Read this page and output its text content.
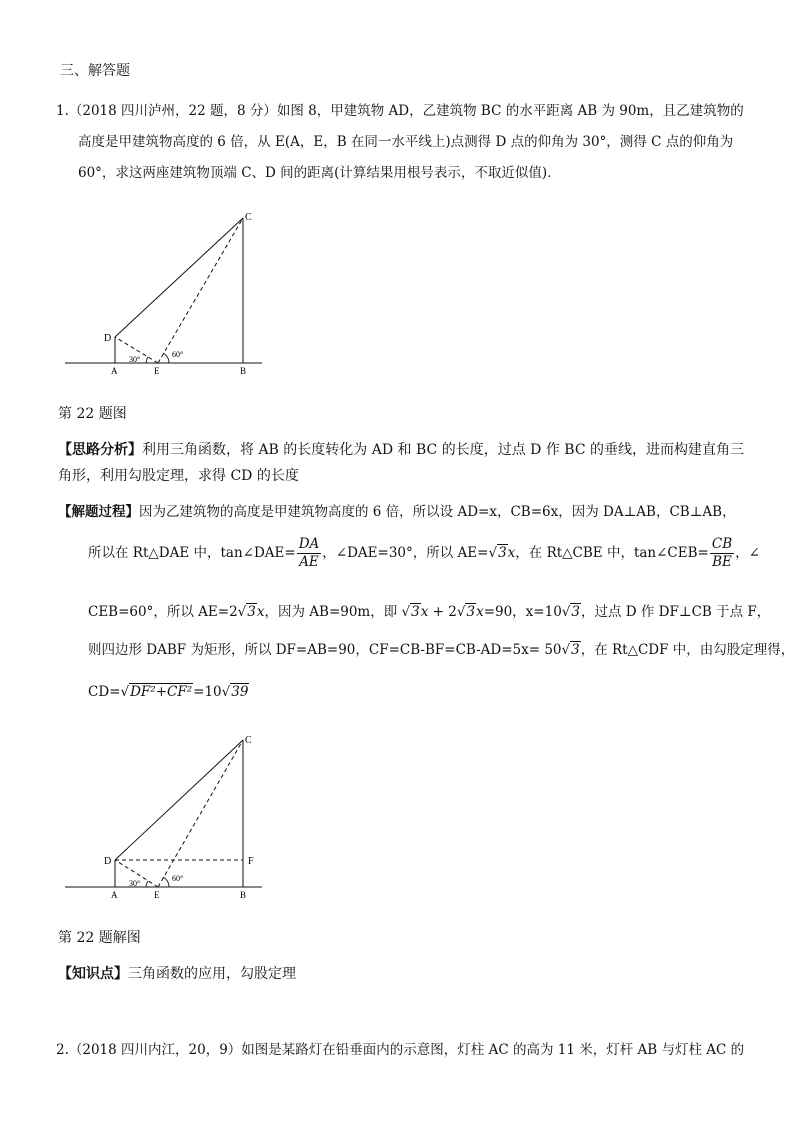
三、解答题
1.（2018 四川泸州，22 题，8 分）如图 8，甲建筑物 AD，乙建筑物 BC 的水平距离 AB 为 90m，且乙建筑物的
高度是甲建筑物高度的 6 倍，从 E(A，E，B 在同一水平线上)点测得 D 点的仰角为 30°，测得 C 点的仰角为
60°，求这两座建筑物顶端 C、D 间的距离(计算结果用根号表示，不取近似值)．
C
D
A	E	B
30°
60°
第 22 题图
【思路分析】利用三角函数，将 AB 的长度转化为 AD 和 BC 的长度，过点 D 作 BC 的垂线，进而构建直角三
角形，利用勾股定理，求得 CD 的长度
【解题过程】因为乙建筑物的高度是甲建筑物高度的 6 倍，所以设 AD=x，CB=6x，因为 DA⊥AB，CB⊥AB，
所以在 Rt△DAE 中，tan∠DAE= $\frac{DA}{AE}$ ，∠DAE=30°，所以 AE=√3x，在 Rt△CBE 中，tan∠CEB= $\frac{CB}{BE}$ ，∠
CEB=60°，所以 AE=2√3x，因为 AB=90m，即 √3x + 2√3x=90，x=10√3，过点 D 作 DF⊥CB 于点 F，
则四边形 DABF 为矩形，所以 DF=AB=90，CF=CB-BF=CB-AD=5x= 50√3，在 Rt△CDF 中，由勾股定理得，
CD=√DF²+CF²=10√39
C
D	F
A	E	B
30°
60°
第 22 题解图
【知识点】三角函数的应用，勾股定理
2.（2018 四川内江，20，9）如图是某路灯在铅垂面内的示意图，灯柱 AC 的高为 11 米，灯杆 AB 与灯柱 AC 的
